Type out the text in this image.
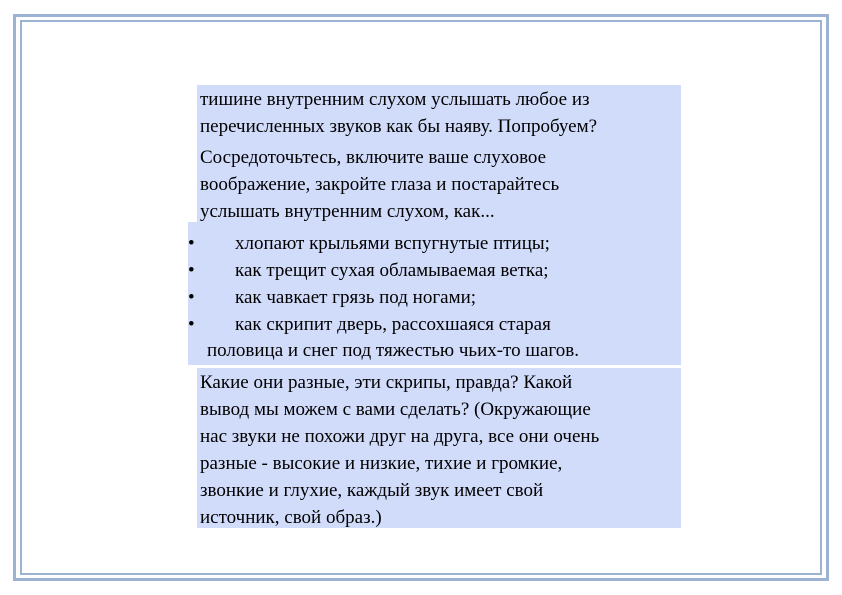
тишине внутренним слухом услышать любое из
перечисленных звуков как бы наяву. Попробуем?

Сосредоточьтесь, включите ваше слуховое
воображение, закройте глаза и постарайтесь
услышать внутренним слухом, как...

• хлопают крыльями вспугнутые птицы;
• как трещит сухая обламываемая ветка;
• как чавкает грязь под ногами;
• как скрипит дверь, рассохшаяся старая
половица и снег под тяжестью чьих-то шагов.

Какие они разные, эти скрипы, правда? Какой
вывод мы можем с вами сделать? (Окружающие
нас звуки не похожи друг на друга, все они очень
разные - высокие и низкие, тихие и громкие,
звонкие и глухие, каждый звук имеет свой
источник, свой образ.)
